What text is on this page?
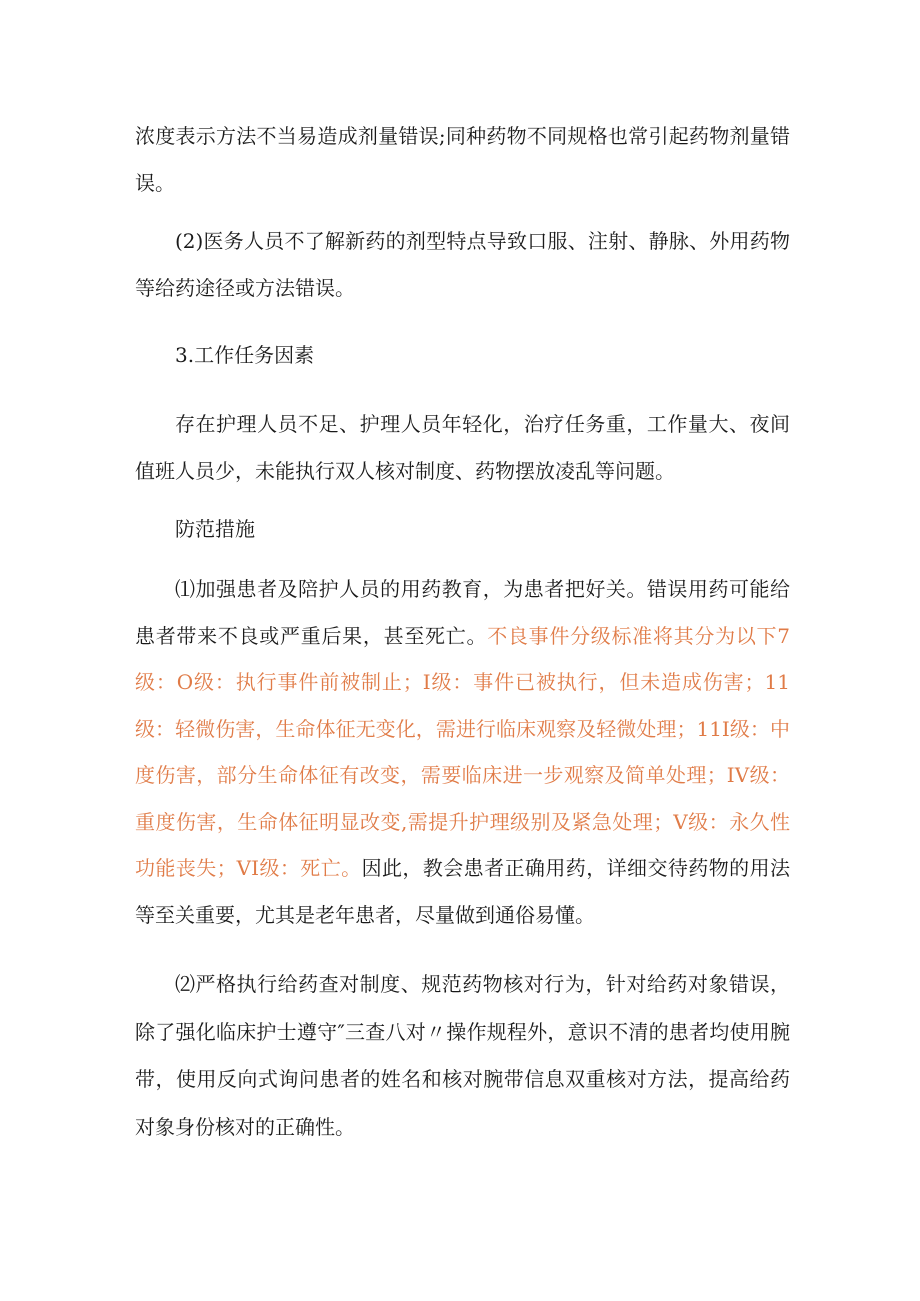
浓度表示方法不当易造成剂量错误;同种药物不同规格也常引起药物剂量错误。

(2)医务人员不了解新药的剂型特点导致口服、注射、静脉、外用药物等给药途径或方法错误。

3.工作任务因素

存在护理人员不足、护理人员年轻化，治疗任务重，工作量大、夜间值班人员少，未能执行双人核对制度、药物摆放凌乱等问题。

防范措施

⑴加强患者及陪护人员的用药教育，为患者把好关。错误用药可能给患者带来不良或严重后果，甚至死亡。不良事件分级标准将其分为以下7级：O级：执行事件前被制止；I级：事件已被执行，但未造成伤害；11级：轻微伤害，生命体征无变化，需进行临床观察及轻微处理；11I级：中度伤害，部分生命体征有改变，需要临床进一步观察及简单处理；IV级：重度伤害，生命体征明显改变,需提升护理级别及紧急处理；V级：永久性功能丧失；VI级：死亡。因此，教会患者正确用药，详细交待药物的用法等至关重要，尤其是老年患者，尽量做到通俗易懂。

⑵严格执行给药查对制度、规范药物核对行为，针对给药对象错误，除了强化临床护士遵守″三查八对〃操作规程外，意识不清的患者均使用腕带，使用反向式询问患者的姓名和核对腕带信息双重核对方法，提高给药对象身份核对的正确性。
